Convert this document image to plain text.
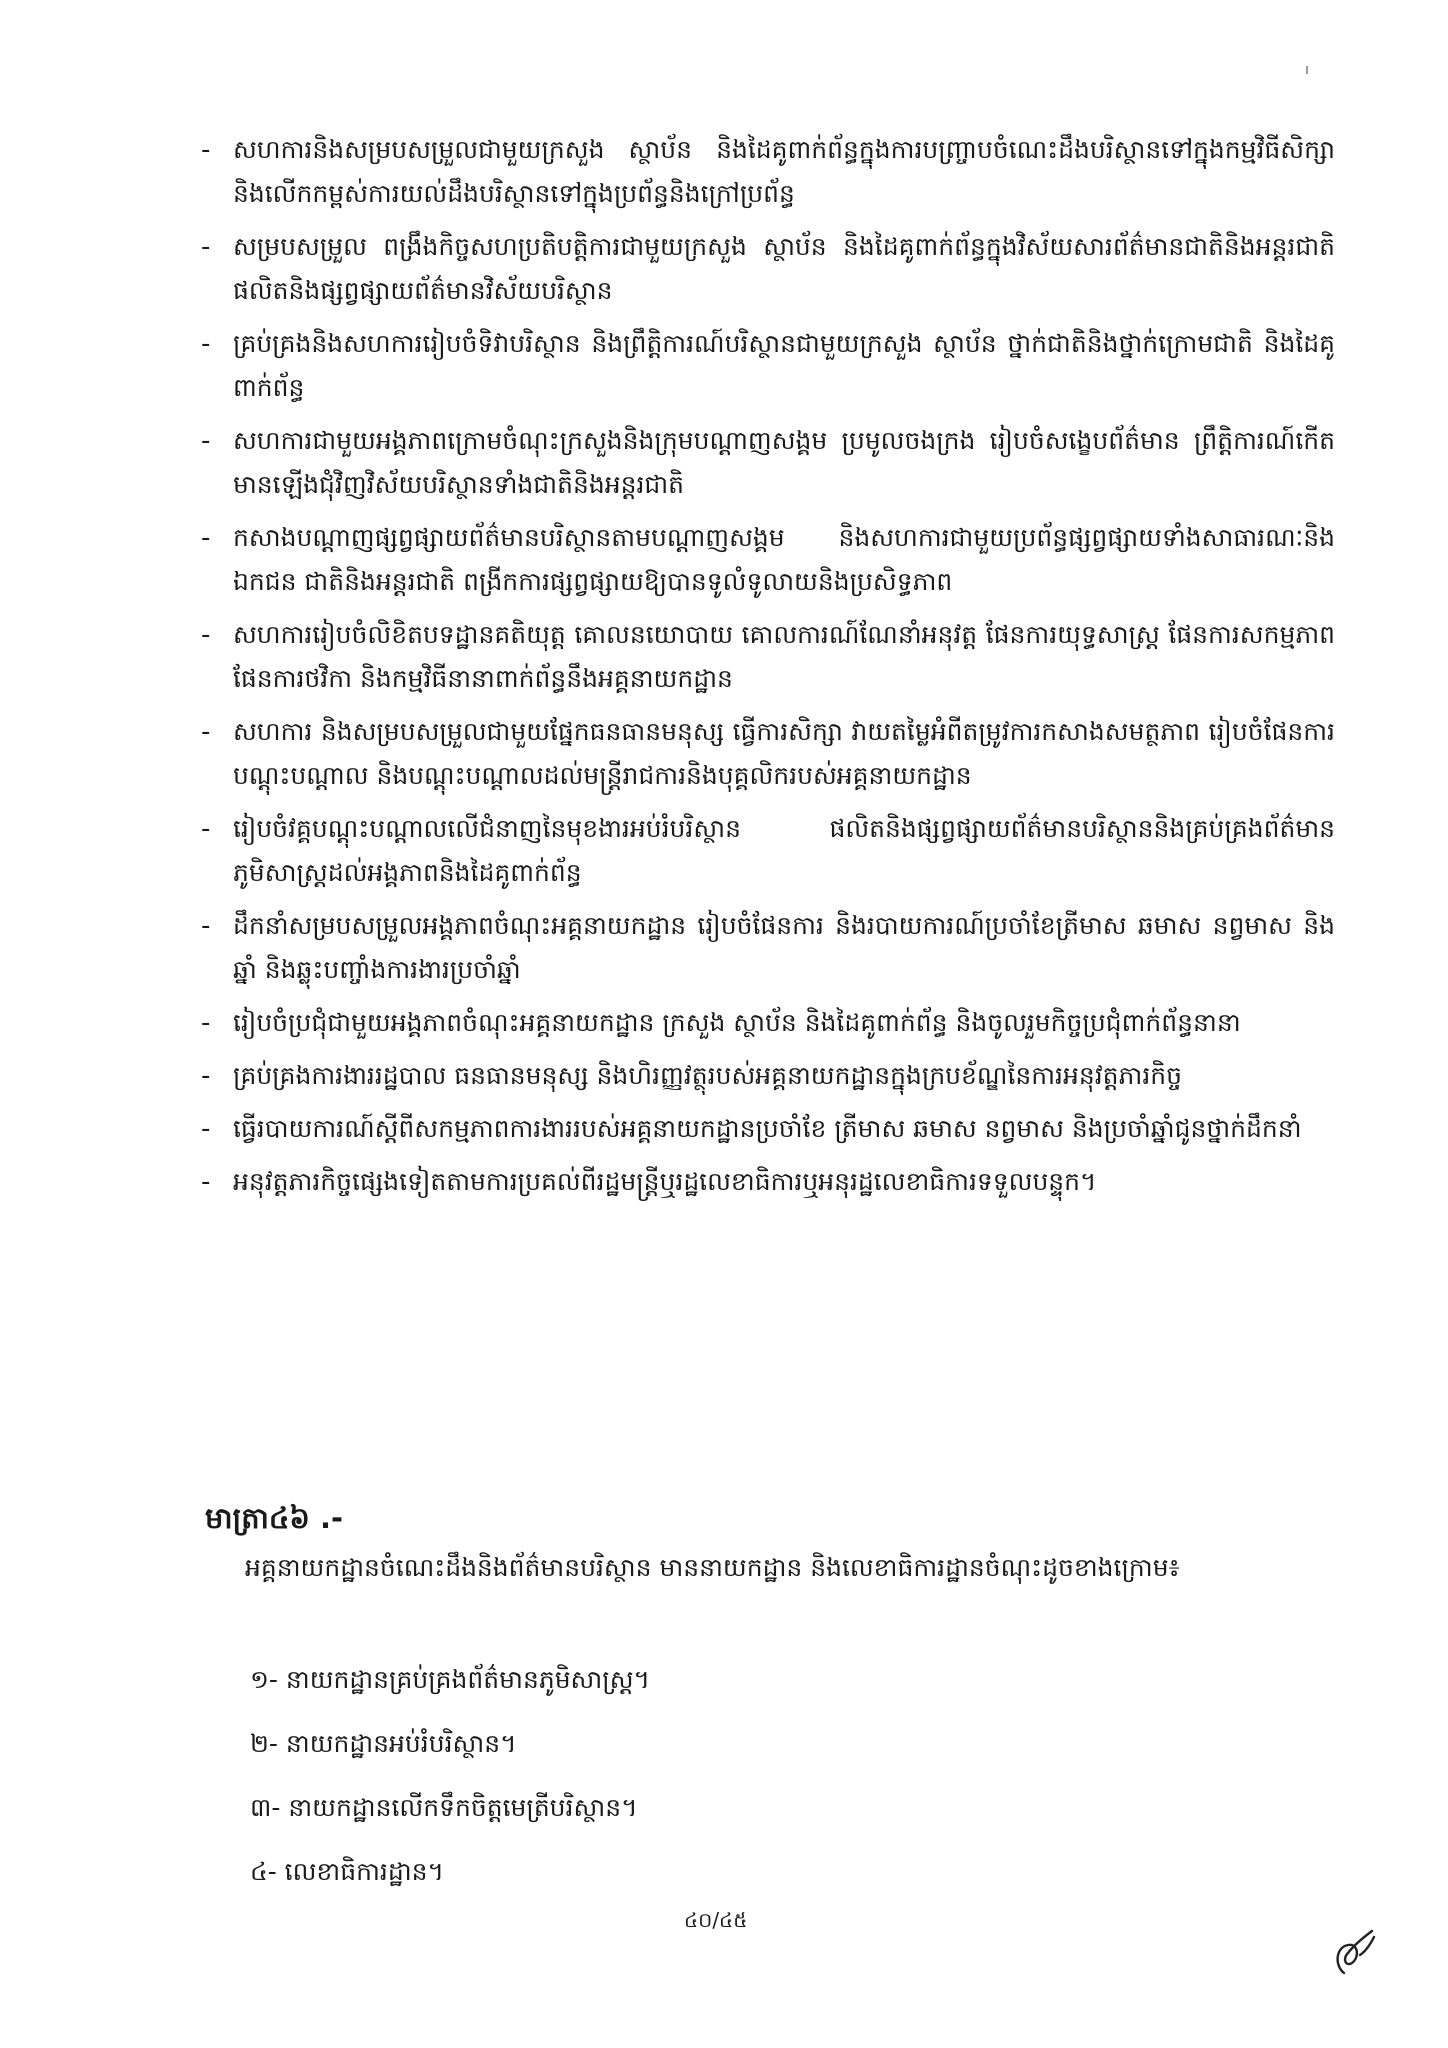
- សហការនិងសម្របសម្រួលជាមួយក្រសួង ស្ថាប័ន និងដៃគូពាក់ព័ន្ធក្នុងការបញ្ច្រាបចំណេះដឹងបរិស្ថានទៅក្នុងកម្មវិធីសិក្សា និងលើកកម្ពស់ការយល់ដឹងបរិស្ថានទៅក្នុងប្រព័ន្ធនិងក្រៅប្រព័ន្ធ
- សម្របសម្រួល ពង្រឹងកិច្ចសហប្រតិបត្តិការជាមួយក្រសួង ស្ថាប័ន និងដៃគូពាក់ព័ន្ធក្នុងវិស័យសារព័ត៌មានជាតិនិងអន្តរជាតិ ផលិតនិងផ្សព្វផ្សាយព័ត៌មានវិស័យបរិស្ថាន
- គ្រប់គ្រងនិងសហការរៀបចំទិវាបរិស្ថាន និងព្រឹត្តិការណ៍បរិស្ថានជាមួយក្រសួង ស្ថាប័ន ថ្នាក់ជាតិនិងថ្នាក់ក្រោមជាតិ និងដៃគូពាក់ព័ន្ធ
- សហការជាមួយអង្គភាពក្រោមចំណុះក្រសួងនិងក្រុមបណ្តាញសង្គម ប្រមូលចងក្រង រៀបចំសង្ខេបព័ត៌មាន ព្រឹត្តិការណ៍កើតមានឡើងជុំវិញវិស័យបរិស្ថានទាំងជាតិនិងអន្តរជាតិ
- កសាងបណ្តាញផ្សព្វផ្សាយព័ត៌មានបរិស្ថានតាមបណ្តាញសង្គម និងសហការជាមួយប្រព័ន្ធផ្សព្វផ្សាយទាំងសាធារណៈនិងឯកជន ជាតិនិងអន្តរជាតិ ពង្រីកការផ្សព្វផ្សាយឱ្យបានទូលំទូលាយនិងប្រសិទ្ធភាព
- សហការរៀបចំលិខិតបទដ្ឋានគតិយុត្ត គោលនយោបាយ គោលការណ៍ណែនាំអនុវត្ត ផែនការយុទ្ធសាស្ត្រ ផែនការសកម្មភាព ផែនការថវិកា និងកម្មវិធីនានាពាក់ព័ន្ធនឹងអគ្គនាយកដ្ឋាន
- សហការ និងសម្របសម្រួលជាមួយផ្នែកធនធានមនុស្ស ធ្វើការសិក្សា វាយតម្លៃអំពីតម្រូវការកសាងសមត្ថភាព រៀបចំផែនការបណ្តុះបណ្តាល និងបណ្តុះបណ្តាលដល់មន្ត្រីរាជការនិងបុគ្គលិករបស់អគ្គនាយកដ្ឋាន
- រៀបចំវគ្គបណ្តុះបណ្តាលលើជំនាញនៃមុខងារអប់រំបរិស្ថាន ផលិតនិងផ្សព្វផ្សាយព័ត៌មានបរិស្ថាននិងគ្រប់គ្រងព័ត៌មានភូមិសាស្ត្រដល់អង្គភាពនិងដៃគូពាក់ព័ន្ធ
- ដឹកនាំសម្របសម្រួលអង្គភាពចំណុះអគ្គនាយកដ្ឋាន រៀបចំផែនការ និងរបាយការណ៍ប្រចាំខែត្រីមាស ឆមាស នព្វមាស និងឆ្នាំ និងឆ្លុះបញ្ចាំងការងារប្រចាំឆ្នាំ
- រៀបចំប្រជុំជាមួយអង្គភាពចំណុះអគ្គនាយកដ្ឋាន ក្រសួង ស្ថាប័ន និងដៃគូពាក់ព័ន្ធ និងចូលរួមកិច្ចប្រជុំពាក់ព័ន្ធនានា
- គ្រប់គ្រងការងាររដ្ឋបាល ធនធានមនុស្ស និងហិរញ្ញវត្ថុរបស់អគ្គនាយកដ្ឋានក្នុងក្របខ័ណ្ឌនៃការអនុវត្តភារកិច្ច
- ធ្វើរបាយការណ៍ស្តីពីសកម្មភាពការងាររបស់អគ្គនាយកដ្ឋានប្រចាំខែ ត្រីមាស ឆមាស នព្វមាស និងប្រចាំឆ្នាំជូនថ្នាក់ដឹកនាំ
- អនុវត្តភារកិច្ចផ្សេងទៀតតាមការប្រគល់ពីរដ្ឋមន្ត្រីឬរដ្ឋលេខាធិការឬអនុរដ្ឋលេខាធិការទទួលបន្ទុក។
មាត្រា៤៦ .-
អគ្គនាយកដ្ឋានចំណេះដឹងនិងព័ត៌មានបរិស្ថាន មាននាយកដ្ឋាន និងលេខាធិការដ្ឋានចំណុះដូចខាងក្រោម៖
១- នាយកដ្ឋានគ្រប់គ្រងព័ត៌មានភូមិសាស្ត្រ។
២- នាយកដ្ឋានអប់រំបរិស្ថាន។
៣- នាយកដ្ឋានលើកទឹកចិត្តមេត្រីបរិស្ថាន។
៤- លេខាធិការដ្ឋាន។
៤០/៤៥
